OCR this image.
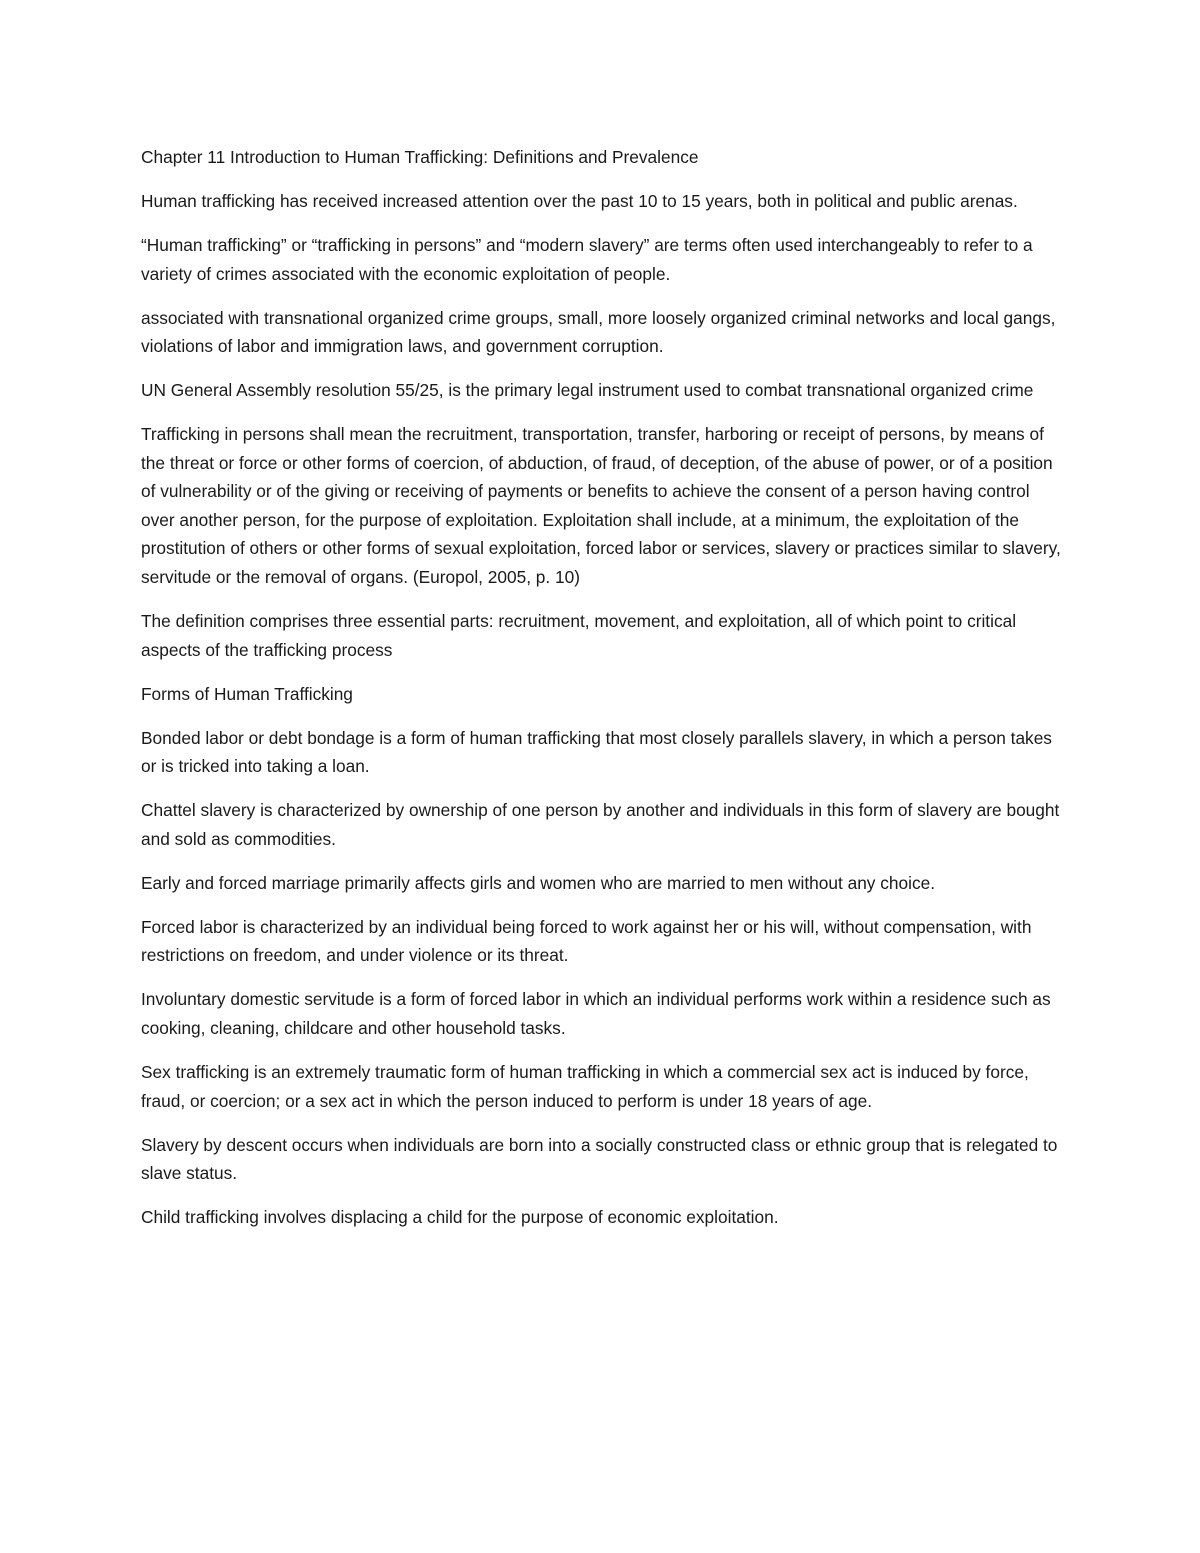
Chapter 11 Introduction to Human Trafficking: Definitions and Prevalence

Human trafficking has received increased attention over the past 10 to 15 years, both in political and public arenas.

“Human trafficking” or “trafficking in persons” and “modern slavery” are terms often used interchangeably to refer to a variety of crimes associated with the economic exploitation of people.

associated with transnational organized crime groups, small, more loosely organized criminal networks and local gangs, violations of labor and immigration laws, and government corruption.

UN General Assembly resolution 55/25, is the primary legal instrument used to combat transnational organized crime

Trafficking in persons shall mean the recruitment, transportation, transfer, harboring or receipt of persons, by means of the threat or force or other forms of coercion, of abduction, of fraud, of deception, of the abuse of power, or of a position of vulnerability or of the giving or receiving of payments or benefits to achieve the consent of a person having control over another person, for the purpose of exploitation. Exploitation shall include, at a minimum, the exploitation of the prostitution of others or other forms of sexual exploitation, forced labor or services, slavery or practices similar to slavery, servitude or the removal of organs. (Europol, 2005, p. 10)

The definition comprises three essential parts: recruitment, movement, and exploitation, all of which point to critical aspects of the trafficking process

Forms of Human Trafficking

Bonded labor or debt bondage is a form of human trafficking that most closely parallels slavery, in which a person takes or is tricked into taking a loan.

Chattel slavery is characterized by ownership of one person by another and individuals in this form of slavery are bought and sold as commodities.

Early and forced marriage primarily affects girls and women who are married to men without any choice.

Forced labor is characterized by an individual being forced to work against her or his will, without compensation, with restrictions on freedom, and under violence or its threat.

Involuntary domestic servitude is a form of forced labor in which an individual performs work within a residence such as cooking, cleaning, childcare and other household tasks.

Sex trafficking is an extremely traumatic form of human trafficking in which a commercial sex act is induced by force, fraud, or coercion; or a sex act in which the person induced to perform is under 18 years of age.

Slavery by descent occurs when individuals are born into a socially constructed class or ethnic group that is relegated to slave status.

Child trafficking involves displacing a child for the purpose of economic exploitation.
